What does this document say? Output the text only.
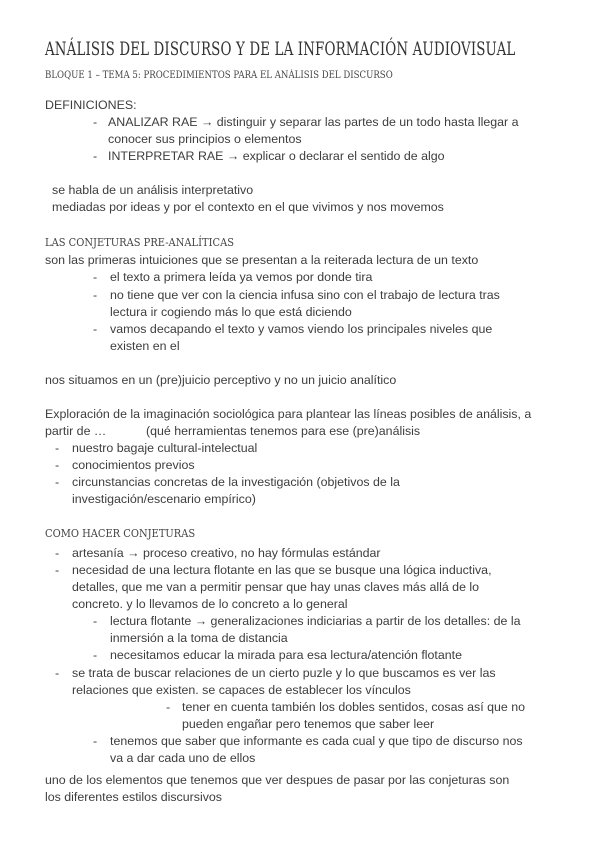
ANÁLISIS DEL DISCURSO Y DE LA INFORMACIÓN AUDIOVISUAL
BLOQUE 1 – TEMA 5: PROCEDIMIENTOS PARA EL ANÁLISIS DEL DISCURSO
DEFINICIONES:
- ANALIZAR RAE → distinguir y separar las partes de un todo hasta llegar a
conocer sus principios o elementos
- INTERPRETAR RAE → explicar o declarar el sentido de algo
se habla de un análisis interpretativo
mediadas por ideas y por el contexto en el que vivimos y nos movemos
LAS CONJETURAS PRE-ANALÍTICAS
son las primeras intuiciones que se presentan a la reiterada lectura de un texto
- el texto a primera leída ya vemos por donde tira
- no tiene que ver con la ciencia infusa sino con el trabajo de lectura tras
lectura ir cogiendo más lo que está diciendo
- vamos decapando el texto y vamos viendo los principales niveles que
existen en el
nos situamos en un (pre)juicio perceptivo y no un juicio analítico
Exploración de la imaginación sociológica para plantear las líneas posibles de análisis, a
partir de …	(qué herramientas tenemos para ese (pre)análisis
- nuestro bagaje cultural-intelectual
- conocimientos previos
- circunstancias concretas de la investigación (objetivos de la
investigación/escenario empírico)
COMO HACER CONJETURAS
- artesanía → proceso creativo, no hay fórmulas estándar
- necesidad de una lectura flotante en las que se busque una lógica inductiva,
detalles, que me van a permitir pensar que hay unas claves más allá de lo
concreto. y lo llevamos de lo concreto a lo general
- lectura flotante → generalizaciones indiciarias a partir de los detalles: de la
inmersión a la toma de distancia
- necesitamos educar la mirada para esa lectura/atención flotante
- se trata de buscar relaciones de un cierto puzle y lo que buscamos es ver las
relaciones que existen. se capaces de establecer los vínculos
- tener en cuenta también los dobles sentidos, cosas así que no
pueden engañar pero tenemos que saber leer
- tenemos que saber que informante es cada cual y que tipo de discurso nos
va a dar cada uno de ellos
uno de los elementos que tenemos que ver despues de pasar por las conjeturas son
los diferentes estilos discursivos
